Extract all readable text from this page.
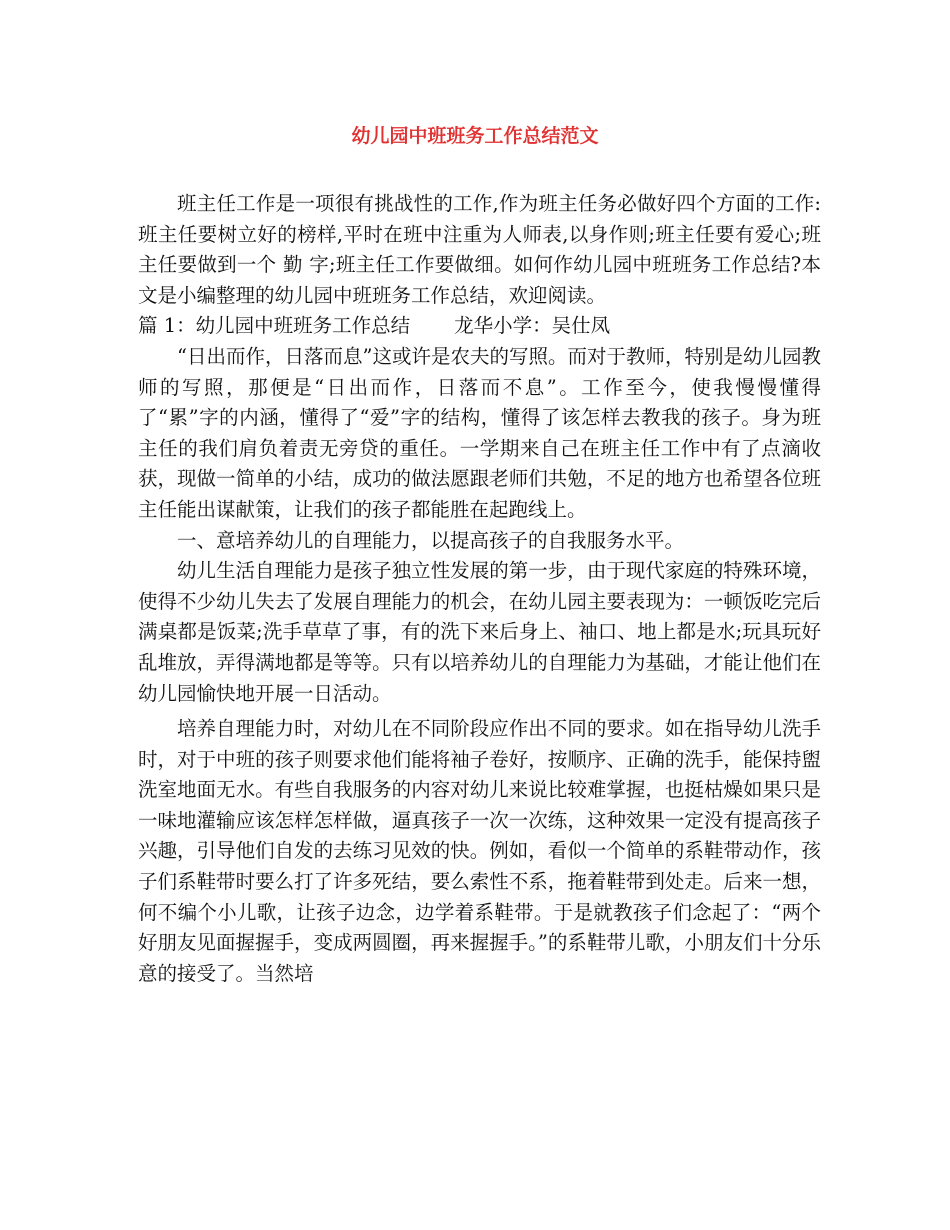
幼儿园中班班务工作总结范文

班主任工作是一项很有挑战性的工作,作为班主任务必做好四个方面的工作:班主任要树立好的榜样,平时在班中注重为人师表,以身作则;班主任要有爱心;班主任要做到一个 勤 字;班主任工作要做细。如何作幼儿园中班班务工作总结?本文是小编整理的幼儿园中班班务工作总结，欢迎阅读。

篇 1：幼儿园中班班务工作总结 龙华小学：吴仕凤

“日出而作，日落而息”这或许是农夫的写照。而对于教师，特别是幼儿园教师的写照，那便是“日出而作，日落而不息”。工作至今，使我慢慢懂得了“累”字的内涵，懂得了“爱”字的结构，懂得了该怎样去教我的孩子。身为班主任的我们肩负着责无旁贷的重任。一学期来自己在班主任工作中有了点滴收获，现做一简单的小结，成功的做法愿跟老师们共勉，不足的地方也希望各位班主任能出谋献策，让我们的孩子都能胜在起跑线上。

一、意培养幼儿的自理能力，以提高孩子的自我服务水平。

幼儿生活自理能力是孩子独立性发展的第一步，由于现代家庭的特殊环境，使得不少幼儿失去了发展自理能力的机会，在幼儿园主要表现为：一顿饭吃完后满桌都是饭菜;洗手草草了事，有的洗下来后身上、袖口、地上都是水;玩具玩好乱堆放，弄得满地都是等等。只有以培养幼儿的自理能力为基础，才能让他们在幼儿园愉快地开展一日活动。

培养自理能力时，对幼儿在不同阶段应作出不同的要求。如在指导幼儿洗手时，对于中班的孩子则要求他们能将袖子卷好，按顺序、正确的洗手，能保持盥洗室地面无水。有些自我服务的内容对幼儿来说比较难掌握，也挺枯燥如果只是一味地灌输应该怎样怎样做，逼真孩子一次一次练，这种效果一定没有提高孩子兴趣，引导他们自发的去练习见效的快。例如，看似一个简单的系鞋带动作，孩子们系鞋带时要么打了许多死结，要么索性不系，拖着鞋带到处走。后来一想，何不编个小儿歌，让孩子边念，边学着系鞋带。于是就教孩子们念起了：“两个好朋友见面握握手，变成两圆圈，再来握握手。”的系鞋带儿歌，小朋友们十分乐意的接受了。当然培
